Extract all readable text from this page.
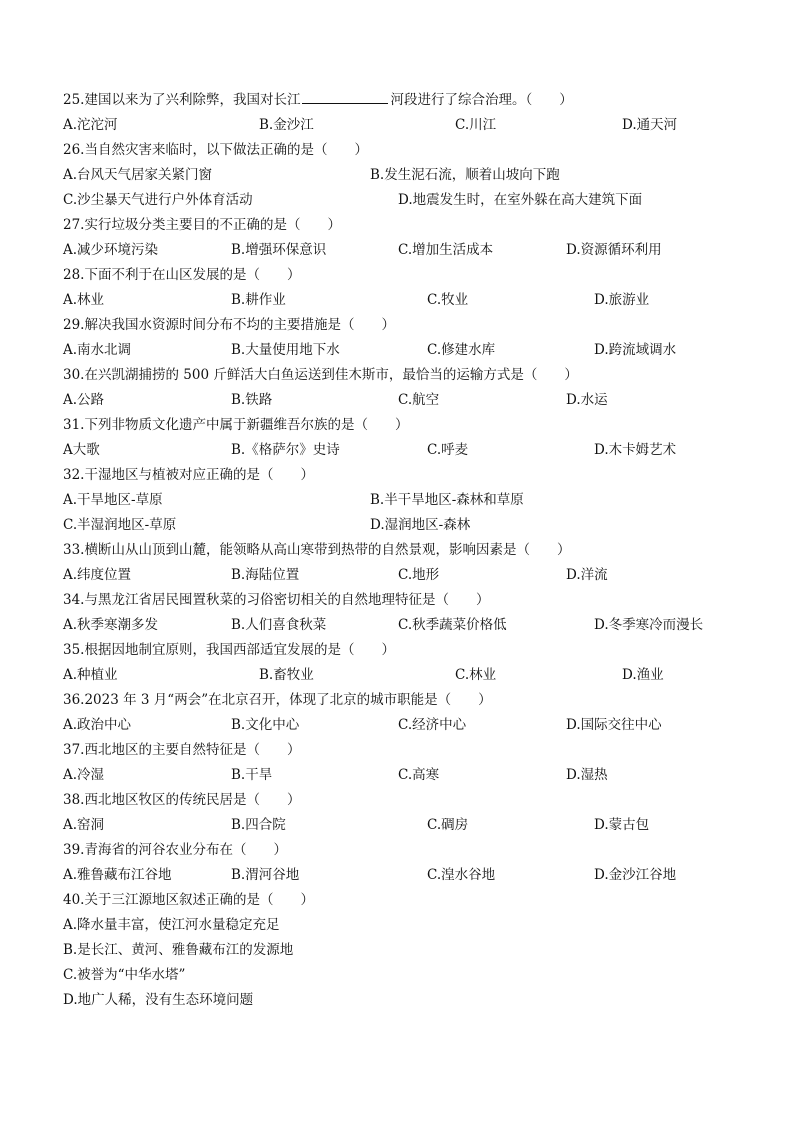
25.建国以来为了兴利除弊，我国对长江	河段进行了综合治理。（　　）
A.沱沱河	B.金沙江	C.川江	D.通天河
26.当自然灾害来临时，以下做法正确的是（　　）
A.台风天气居家关紧门窗	B.发生泥石流，顺着山坡向下跑
C.沙尘暴天气进行户外体育活动	D.地震发生时，在室外躲在高大建筑下面
27.实行垃圾分类主要目的不正确的是（　　）
A.减少环境污染	B.增强环保意识	C.增加生活成本	D.资源循环利用
28.下面不利于在山区发展的是（　　）
A.林业	B.耕作业	C.牧业	D.旅游业
29.解决我国水资源时间分布不均的主要措施是（　　）
A.南水北调	B.大量使用地下水	C.修建水库	D.跨流域调水
30.在兴凯湖捕捞的 500 斤鲜活大白鱼运送到佳木斯市，最恰当的运输方式是（　　）
A.公路	B.铁路	C.航空	D.水运
31.下列非物质文化遗产中属于新疆维吾尔族的是（　　）
A大歌	B.《格萨尔》史诗	C.呼麦	D.木卡姆艺术
32.干湿地区与植被对应正确的是（　　）
A.干旱地区-草原	B.半干旱地区-森林和草原
C.半湿润地区-草原	D.湿润地区-森林
33.横断山从山顶到山麓，能领略从高山寒带到热带的自然景观，影响因素是（　　）
A.纬度位置	B.海陆位置	C.地形	D.洋流
34.与黑龙江省居民囤置秋菜的习俗密切相关的自然地理特征是（　　）
A.秋季寒潮多发	B.人们喜食秋菜	C.秋季蔬菜价格低	D.冬季寒冷而漫长
35.根据因地制宜原则，我国西部适宜发展的是（　　）
A.种植业	B.畜牧业	C.林业	D.渔业
36.2023 年 3 月“两会”在北京召开，体现了北京的城市职能是（　　）
A.政治中心	B.文化中心	C.经济中心	D.国际交往中心
37.西北地区的主要自然特征是（　　）
A.冷湿	B.干旱	C.高寒	D.湿热
38.西北地区牧区的传统民居是（　　）
A.窑洞	B.四合院	C.碉房	D.蒙古包
39.青海省的河谷农业分布在（　　）
A.雅鲁藏布江谷地	B.渭河谷地	C.湟水谷地	D.金沙江谷地
40.关于三江源地区叙述正确的是（　　）
A.降水量丰富，使江河水量稳定充足
B.是长江、黄河、雅鲁藏布江的发源地
C.被誉为“中华水塔”
D.地广人稀，没有生态环境问题
